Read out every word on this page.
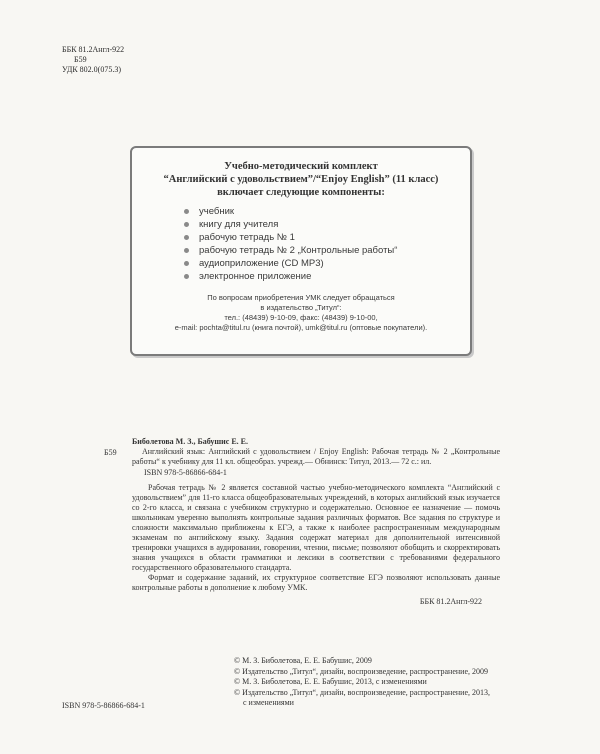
ББК 81.2Англ-922
Б59
УДК 802.0(075.3)
Учебно-методический комплект
“Английский с удовольствием”/“Enjoy English” (11 класс)
включает следующие компоненты:
учебник
книгу для учителя
рабочую тетрадь № 1
рабочую тетрадь № 2 „Контрольные работы“
аудиоприложение (CD MP3)
электронное приложение
По вопросам приобретения УМК следует обращаться
в издательство „Титул“:
тел.: (48439) 9-10-09, факс: (48439) 9-10-00,
e-mail: pochta@titul.ru (книга почтой), umk@titul.ru (оптовые покупатели).
Биболетова М. З., Бабушис Е. Е.
Б59	Английский язык: Английский с удовольствием / Enjoy English: Рабочая тетрадь № 2 „Контрольные работы“ к учебнику для 11 кл. общеобраз. учрежд.— Обнинск: Титул, 2013.— 72 с.: ил.
ISBN 978-5-86866-684-1

Рабочая тетрадь № 2 является составной частью учебно-методического комплекта “Английский с удовольствием” для 11-го класса общеобразовательных учреждений, в которых английский язык изучается со 2-го класса, и связана с учебником структурно и содержательно. Основное ее назначение — помочь школьникам уверенно выполнять контрольные задания различных форматов. Все задания по структуре и сложности максимально приближены к ЕГЭ, а также к наиболее распространенным международным экзаменам по английскому языку. Задания содержат материал для дополнительной интенсивной тренировки учащихся в аудировании, говорении, чтении, письме; позволяют обобщить и скорректировать знания учащихся в области грамматики и лексики в соответствии с требованиями федерального государственного образовательного стандарта.

Формат и содержание заданий, их структурное соответствие ЕГЭ позволяют использовать данные контрольные работы в дополнение к любому УМК.

ББК 81.2Англ-922
© М. З. Биболетова, Е. Е. Бабушис, 2009
© Издательство „Титул“, дизайн, воспроизведение, распространение, 2009
© М. З. Биболетова, Е. Е. Бабушис, 2013, с изменениями
© Издательство „Титул“, дизайн, воспроизведение, распространение, 2013,
с изменениями
ISBN 978-5-86866-684-1
